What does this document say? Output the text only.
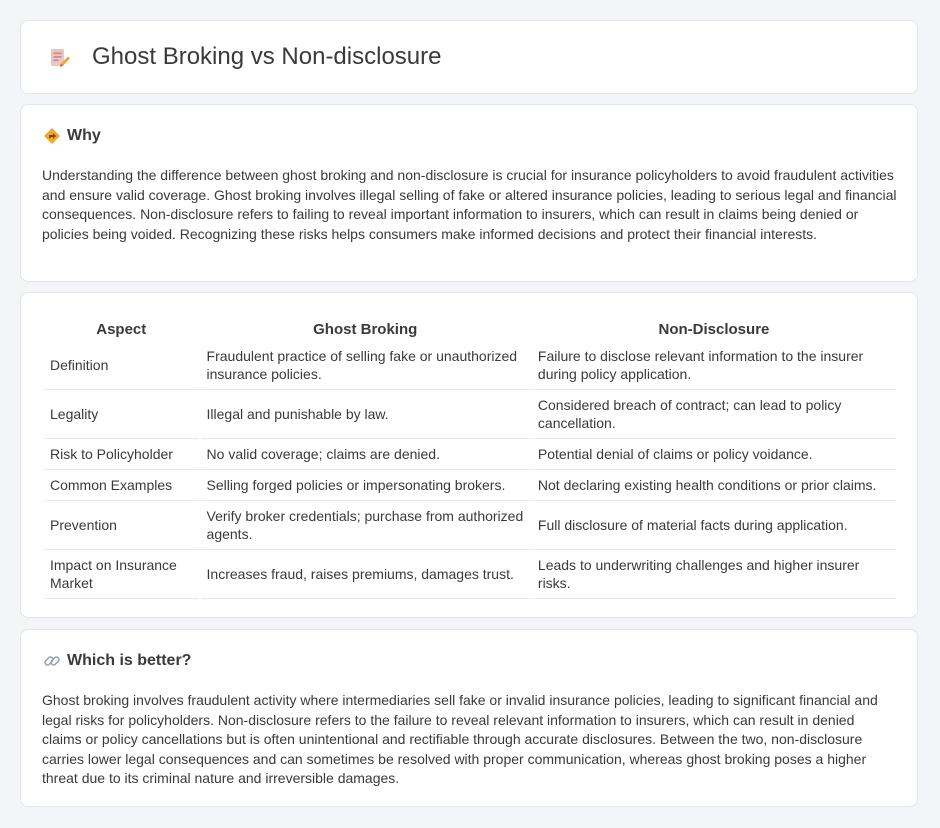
Ghost Broking vs Non-disclosure
Why

Understanding the difference between ghost broking and non-disclosure is crucial for insurance policyholders to avoid fraudulent activities and ensure valid coverage. Ghost broking involves illegal selling of fake or altered insurance policies, leading to serious legal and financial consequences. Non-disclosure refers to failing to reveal important information to insurers, which can result in claims being denied or policies being voided. Recognizing these risks helps consumers make informed decisions and protect their financial interests.

Aspect	Ghost Broking	Non-Disclosure
Definition	Fraudulent practice of selling fake or unauthorized insurance policies.	Failure to disclose relevant information to the insurer during policy application.
Legality	Illegal and punishable by law.	Considered breach of contract; can lead to policy cancellation.
Risk to Policyholder	No valid coverage; claims are denied.	Potential denial of claims or policy voidance.
Common Examples	Selling forged policies or impersonating brokers.	Not declaring existing health conditions or prior claims.
Prevention	Verify broker credentials; purchase from authorized agents.	Full disclosure of material facts during application.
Impact on Insurance Market	Increases fraud, raises premiums, damages trust.	Leads to underwriting challenges and higher insurer risks.
Which is better?

Ghost broking involves fraudulent activity where intermediaries sell fake or invalid insurance policies, leading to significant financial and legal risks for policyholders. Non-disclosure refers to the failure to reveal relevant information to insurers, which can result in denied claims or policy cancellations but is often unintentional and rectifiable through accurate disclosures. Between the two, non-disclosure carries lower legal consequences and can sometimes be resolved with proper communication, whereas ghost broking poses a higher threat due to its criminal nature and irreversible damages.
